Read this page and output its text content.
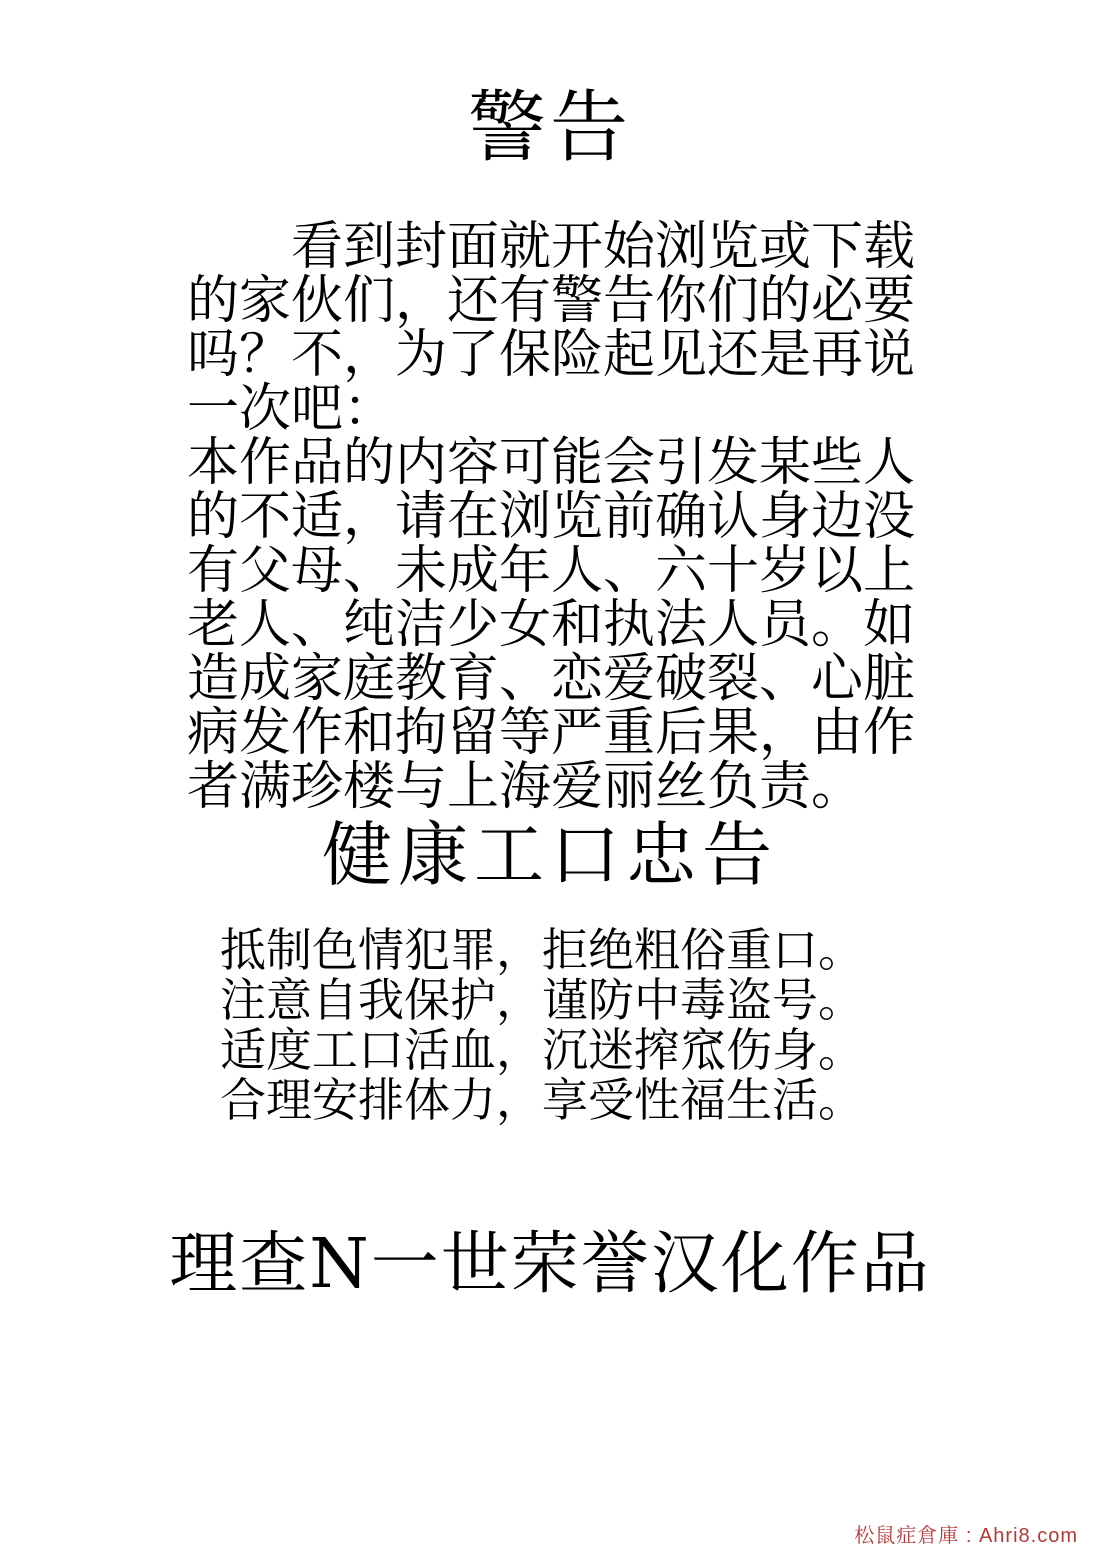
警告
看到封面就开始浏览或下载
的家伙们，还有警告你们的必要
吗？不，为了保险起见还是再说
一次吧：
本作品的内容可能会引发某些人
的不适，请在浏览前确认身边没
有父母、未成年人、六十岁以上
老人、纯洁少女和执法人员。如
造成家庭教育、恋爱破裂、心脏
病发作和拘留等严重后果，由作
者满珍楼与上海爱丽丝负责。
健康工口忠告
抵制色情犯罪，拒绝粗俗重口。
注意自我保护，谨防中毒盗号。
适度工口活血，沉迷搾窊伤身。
合理安排体力，享受性福生活。
理查N一世荣誉汉化作品
松鼠症倉庫 : Ahri8.com
